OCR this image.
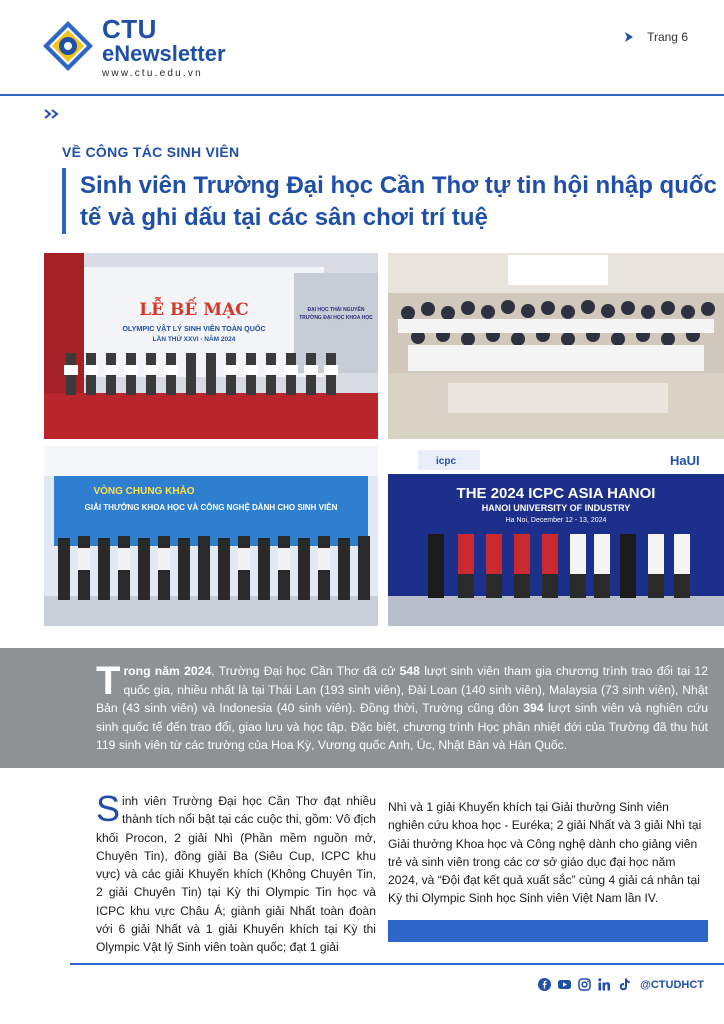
CTU
eNewsletter
www.ctu.edu.vn
Trang 6
VỀ CÔNG TÁC SINH VIÊN
Sinh viên Trường Đại học Cần Thơ tự tin hội nhập quốc tế và ghi dấu tại các sân chơi trí tuệ
LỄ BẾ MẠC
OLYMPIC VẬT LÝ SINH VIÊN TOÀN QUỐC
LẦN THỨ XXVI - NĂM 2024
ĐẠI HỌC THÁI NGUYÊN
TRƯỜNG ĐẠI HỌC KHOA HỌC
VÒNG CHUNG KHẢO
GIẢI THƯỞNG KHOA HỌC VÀ CÔNG NGHỆ DÀNH CHO SINH VIÊN
icpc	HaUI
THE 2024 ICPC ASIA HANOI
HANOI UNIVERSITY OF INDUSTRY
Ha Noi, December 12 - 13, 2024
Trong năm 2024, Trường Đại học Cần Thơ đã cử 548 lượt sinh viên tham gia chương trình trao đổi tại 12 quốc gia, nhiều nhất là tại Thái Lan (193 sinh viên), Đài Loan (140 sinh viên), Malaysia (73 sinh viên), Nhật Bản (43 sinh viên) và Indonesia (40 sinh viên). Đồng thời, Trường cũng đón 394 lượt sinh viên và nghiên cứu sinh quốc tế đến trao đổi, giao lưu và học tập. Đặc biệt, chương trình Học phần nhiệt đới của Trường đã thu hút 119 sinh viên từ các trường của Hoa Kỳ, Vương quốc Anh, Úc, Nhật Bản và Hàn Quốc.
Sinh viên Trường Đại học Cần Thơ đạt nhiều thành tích nổi bật tại các cuộc thi, gồm: Vô địch khối Procon, 2 giải Nhì (Phần mềm nguồn mở, Chuyên Tin), đồng giải Ba (Siêu Cup, ICPC khu vực) và các giải Khuyến khích (Không Chuyên Tin, 2 giải Chuyên Tin) tại Kỳ thi Olympic Tin học và ICPC khu vực Châu Á; giành giải Nhất toàn đoàn với 6 giải Nhất và 1 giải Khuyến khích tại Kỳ thi Olympic Vật lý Sinh viên toàn quốc; đạt 1 giải
Nhì và 1 giải Khuyến khích tại Giải thưởng Sinh viên nghiên cứu khoa học - Euréka; 2 giải Nhất và 3 giải Nhì tại Giải thưởng Khoa học và Công nghệ dành cho giảng viên trẻ và sinh viên trong các cơ sở giáo dục đại học năm 2024, và “Đội đạt kết quả xuất sắc” cùng 4 giải cá nhân tại Kỳ thi Olympic Sinh học Sinh viên Việt Nam lần IV.
@CTUDHCT
